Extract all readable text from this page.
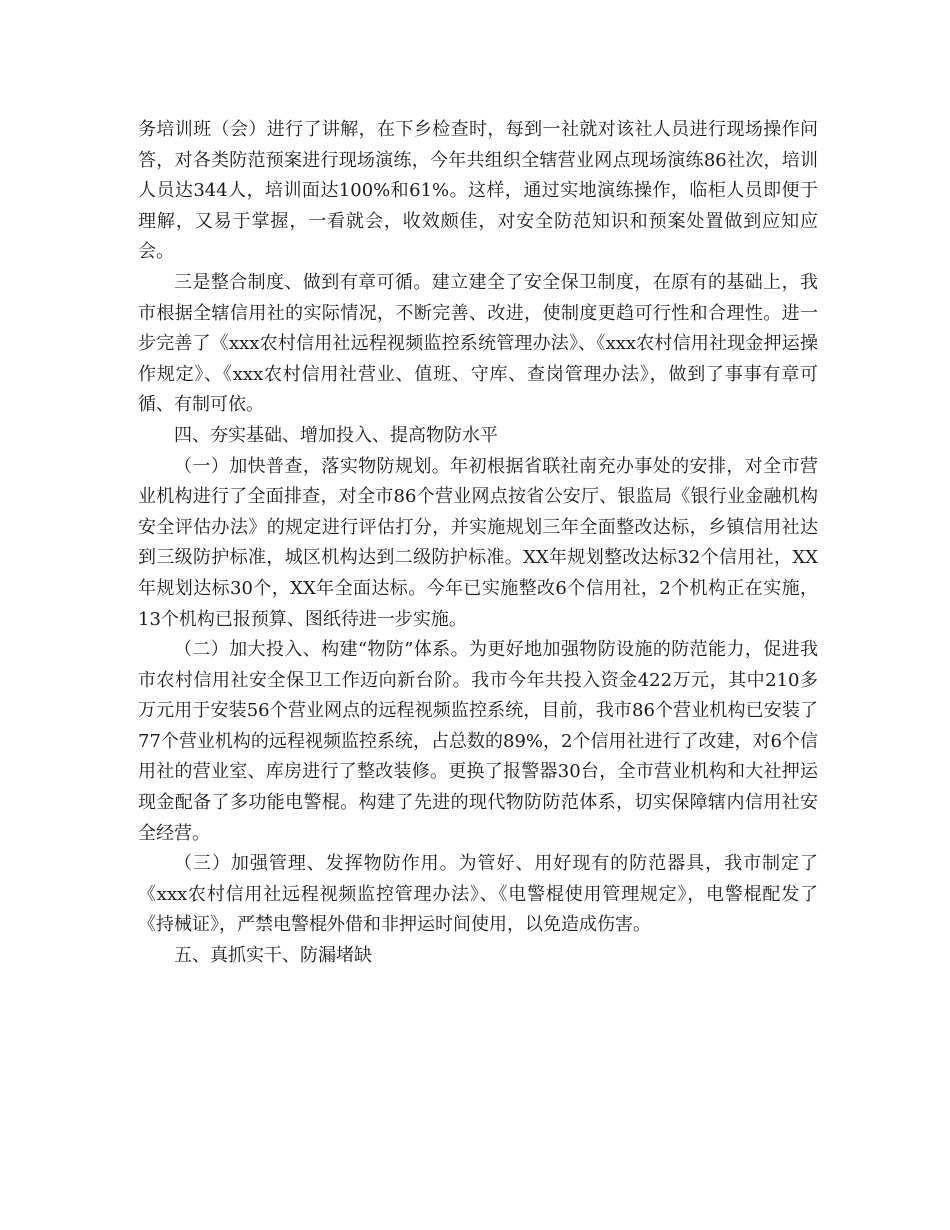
务培训班（会）进行了讲解，在下乡检查时，每到一社就对该社人员进行现场操作问答，对各类防范预案进行现场演练，今年共组织全辖营业网点现场演练86社次，培训人员达344人，培训面达100%和61%。这样，通过实地演练操作，临柜人员即便于理解，又易于掌握，一看就会，收效颇佳，对安全防范知识和预案处置做到应知应会。

三是整合制度、做到有章可循。建立建全了安全保卫制度，在原有的基础上，我市根据全辖信用社的实际情况，不断完善、改进，使制度更趋可行性和合理性。进一步完善了《xxx农村信用社远程视频监控系统管理办法》、《xxx农村信用社现金押运操作规定》、《xxx农村信用社营业、值班、守库、查岗管理办法》，做到了事事有章可循、有制可依。

四、夯实基础、增加投入、提高物防水平

（一）加快普查，落实物防规划。年初根据省联社南充办事处的安排，对全市营业机构进行了全面排查，对全市86个营业网点按省公安厅、银监局《银行业金融机构安全评估办法》的规定进行评估打分，并实施规划三年全面整改达标，乡镇信用社达到三级防护标准，城区机构达到二级防护标准。XX年规划整改达标32个信用社，XX年规划达标30个，XX年全面达标。今年已实施整改6个信用社，2个机构正在实施，13个机构已报预算、图纸待进一步实施。

（二）加大投入、构建“物防”体系。为更好地加强物防设施的防范能力，促进我市农村信用社安全保卫工作迈向新台阶。我市今年共投入资金422万元，其中210多万元用于安装56个营业网点的远程视频监控系统，目前，我市86个营业机构已安装了77个营业机构的远程视频监控系统，占总数的89%，2个信用社进行了改建，对6个信用社的营业室、库房进行了整改装修。更换了报警器30台，全市营业机构和大社押运现金配备了多功能电警棍。构建了先进的现代物防防范体系，切实保障辖内信用社安全经营。

（三）加强管理、发挥物防作用。为管好、用好现有的防范器具，我市制定了《xxx农村信用社远程视频监控管理办法》、《电警棍使用管理规定》，电警棍配发了《持械证》，严禁电警棍外借和非押运时间使用，以免造成伤害。

五、真抓实干、防漏堵缺
